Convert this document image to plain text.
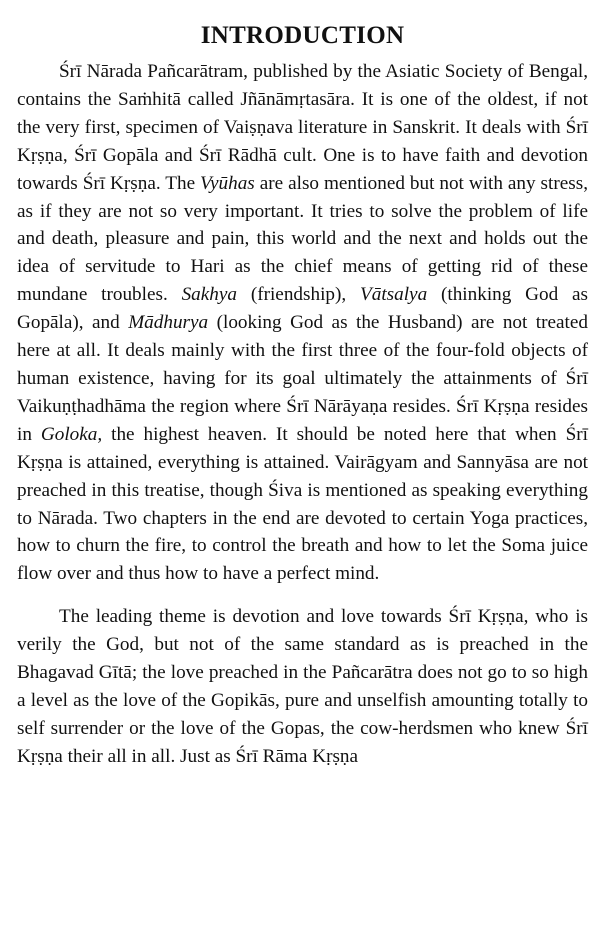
INTRODUCTION

Śrī Nārada Pañcarātram, published by the Asiatic Society of Bengal, contains the Saṁhitā called Jñānāmṛtasāra. It is one of the oldest, if not the very first, specimen of Vaiṣṇava literature in Sanskrit. It deals with Śrī Kṛṣṇa, Śrī Gopāla and Śrī Rādhā cult. One is to have faith and devotion towards Śrī Kṛṣṇa. The Vyūhas are also mentioned but not with any stress, as if they are not so very important. It tries to solve the problem of life and death, pleasure and pain, this world and the next and holds out the idea of servitude to Hari as the chief means of getting rid of these mundane troubles. Sakhya (friendship), Vātsalya (thinking God as Gopāla), and Mādhurya (looking God as the Husband) are not treated here at all. It deals mainly with the first three of the four-fold objects of human existence, having for its goal ultimately the attainments of Śrī Vaikuṇṭhadhāma the region where Śrī Nārāyaṇa resides. Śrī Kṛṣṇa resides in Goloka, the highest heaven. It should be noted here that when Śrī Kṛṣṇa is attained, everything is attained. Vairāgyam and Sannyāsa are not preached in this treatise, though Śiva is mentioned as speaking everything to Nārada. Two chapters in the end are devoted to certain Yoga practices, how to churn the fire, to control the breath and how to let the Soma juice flow over and thus how to have a perfect mind.

The leading theme is devotion and love towards Śrī Kṛṣṇa, who is verily the God, but not of the same standard as is preached in the Bhagavad Gītā; the love preached in the Pañcarātra does not go to so high a level as the love of the Gopikās, pure and unselfish amounting totally to self surrender or the love of the Gopas, the cow-herdsmen who knew Śrī Kṛṣṇa their all in all. Just as Śrī Rāma Kṛṣṇa
